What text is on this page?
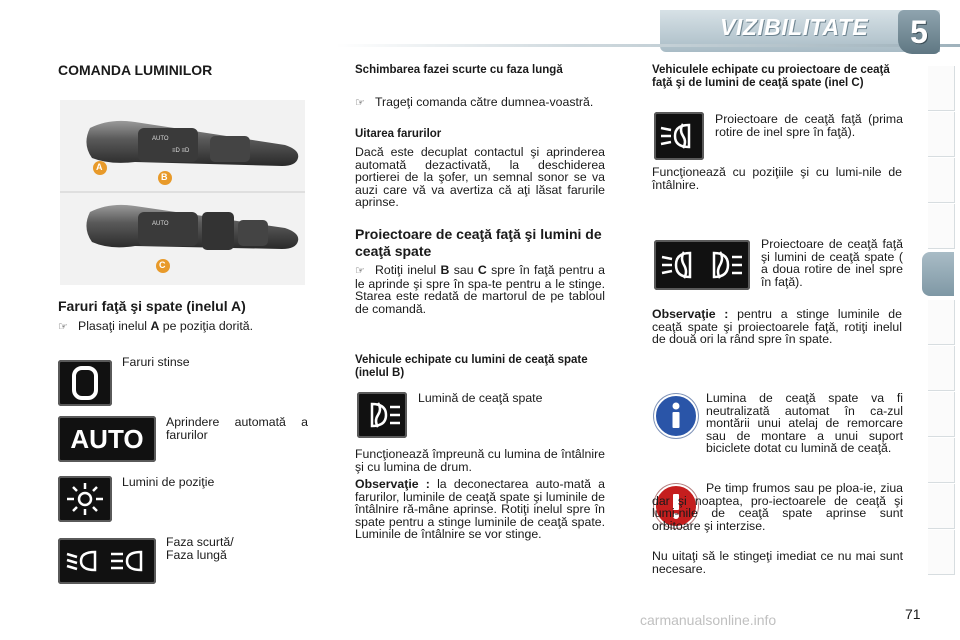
VIZIBILITATE	5
COMANDA LUMINILOR
AUTO
≡D ≡D
AUTO
A
B
C
Faruri faţă şi spate (inelul A)
☞ Plasaţi inelul A pe poziţia dorită.
Faruri stinse
AUTO
Aprindere automată a farurilor
Lumini de poziţie
Faza scurtă/
Faza lungă
Schimbarea fazei scurte cu faza lungă
☞ Trageţi comanda către dumnea-voastră.
Uitarea farurilor
Dacă este decuplat contactul şi aprinderea automată dezactivată, la deschiderea portierei de la şofer, un semnal sonor se va auzi care vă va avertiza că aţi lăsat farurile aprinse.
Proiectoare de ceaţă faţă şi lumini de ceaţă spate
☞ Rotiţi inelul B sau C spre în faţă pentru a le aprinde şi spre în spa-te pentru a le stinge. Starea este redată de martorul de pe tabloul de comandă.
Vehicule echipate cu lumini de ceaţă spate (inelul B)
Lumină de ceaţă spate
Funcţionează împreună cu lumina de întâlnire şi cu lumina de drum.
Observaţie : la deconectarea auto-mată a farurilor, luminile de ceaţă spate şi luminile de întâlnire ră-mâne aprinse. Rotiţi inelul spre în spate pentru a stinge luminile de ceaţă spate. Luminile de întâlnire se vor stinge.
Vehiculele echipate cu proiectoare de ceaţă faţă şi de lumini de ceaţă spate (inel C)
Proiectoare de ceaţă faţă (prima rotire de inel spre în faţă).
Funcţionează cu poziţiile şi cu lumi-nile de întâlnire.
Proiectoare de ceaţă faţă şi lumini de ceaţă spate ( a doua rotire de inel spre în faţă).
Observaţie : pentru a stinge luminile de ceaţă spate şi proiectoarele faţă, rotiţi inelul de două ori la rând spre în spate.
Lumina de ceaţă spate va fi neutralizată automat în ca-zul montării unui atelaj de remorcare sau de montare a unui suport biciclete dotat cu lumină de ceaţă.
Pe timp frumos sau pe ploa-ie, ziua dar şi noaptea, pro-iectoarele de ceaţă şi lumi-nile de ceaţă spate aprinse sunt orbitoare şi interzise.
Nu uitaţi să le stingeţi imediat ce nu mai sunt necesare.
carmanualsonline.info	71
